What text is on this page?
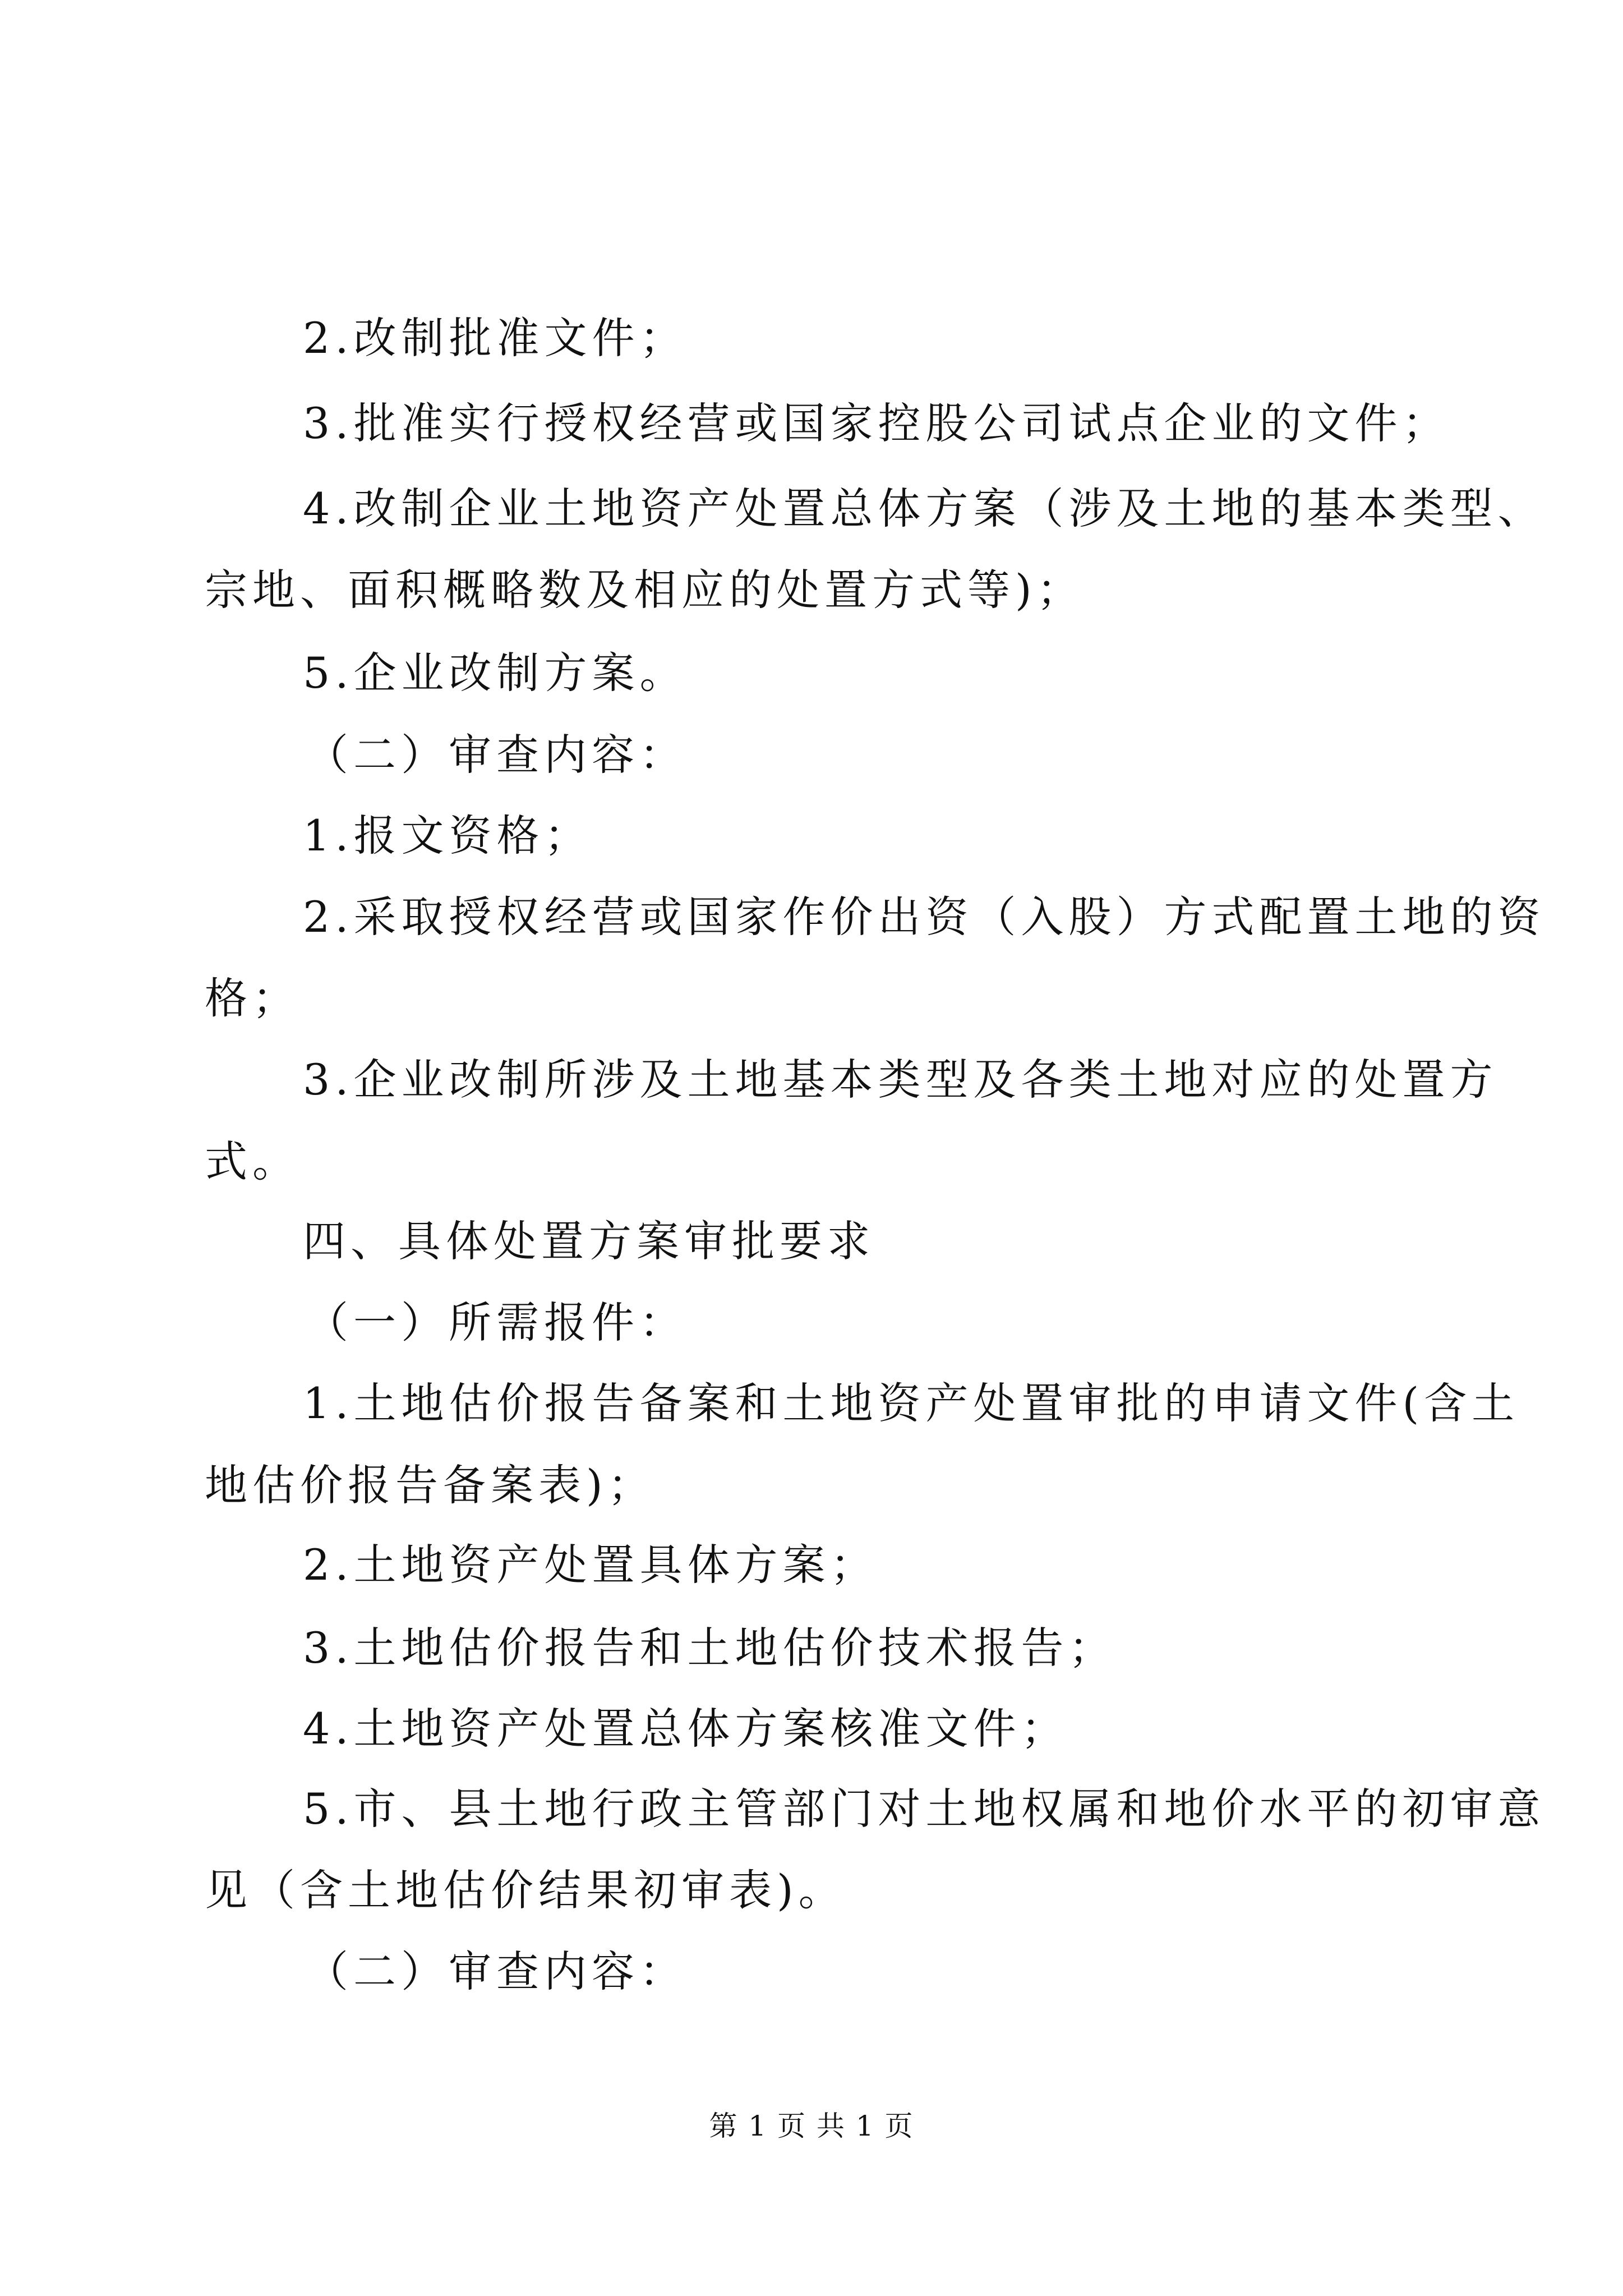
2.改制批准文件；
3.批准实行授权经营或国家控股公司试点企业的文件；
4.改制企业土地资产处置总体方案（涉及土地的基本类型、
宗地、面积概略数及相应的处置方式等)；
5.企业改制方案。
（二）审查内容：
1.报文资格；
2.采取授权经营或国家作价出资（入股）方式配置土地的资
格；
3.企业改制所涉及土地基本类型及各类土地对应的处置方
式。
四、具体处置方案审批要求
（一）所需报件：
1.土地估价报告备案和土地资产处置审批的申请文件(含土
地估价报告备案表)；
2.土地资产处置具体方案；
3.土地估价报告和土地估价技术报告；
4.土地资产处置总体方案核准文件；
5.市、县土地行政主管部门对土地权属和地价水平的初审意
见（含土地估价结果初审表)。
（二）审查内容：
第 1 页 共 1 页
